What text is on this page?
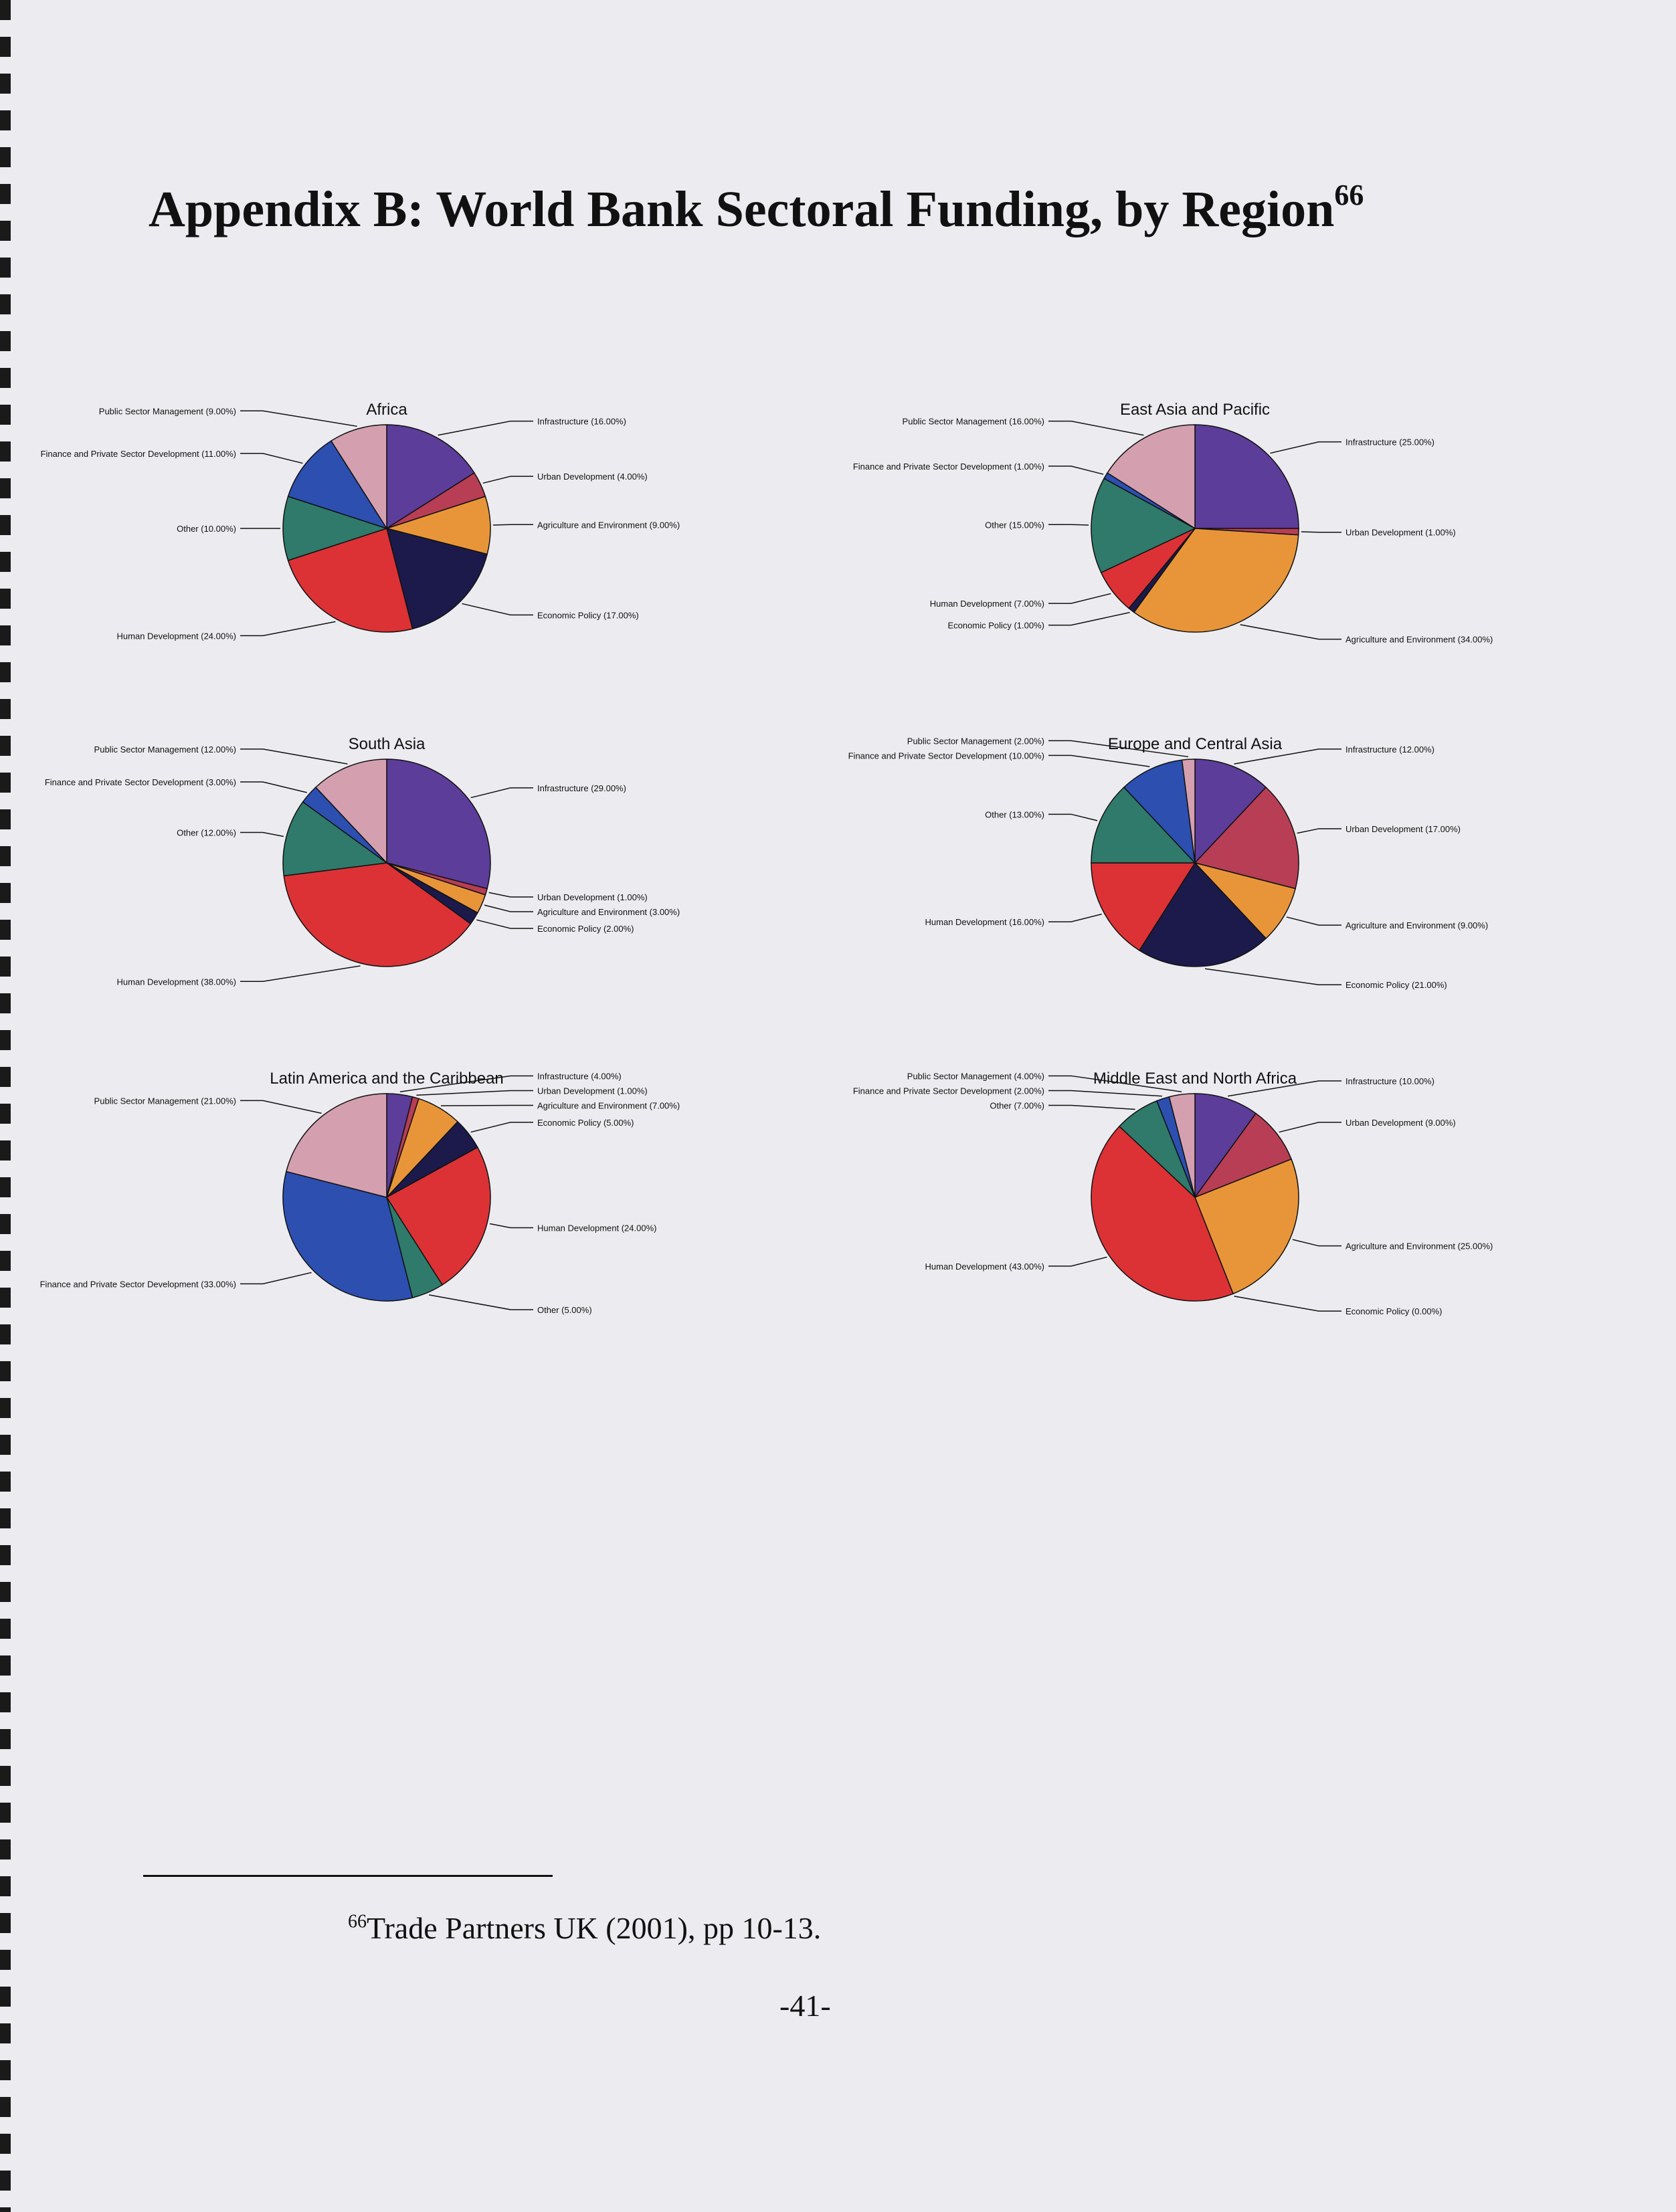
Appendix B: World Bank Sectoral Funding, by Region$^{66}$
Africa
Infrastructure (16.00%)
Urban Development (4.00%)
Agriculture and Environment (9.00%)
Economic Policy (17.00%)
Public Sector Management (9.00%)
Finance and Private Sector Development (11.00%)
Other (10.00%)
Human Development (24.00%)
East Asia and Pacific
Infrastructure (25.00%)
Urban Development (1.00%)
Agriculture and Environment (34.00%)
Public Sector Management (16.00%)
Finance and Private Sector Development (1.00%)
Other (15.00%)
Human Development (7.00%)
Economic Policy (1.00%)
South Asia
Infrastructure (29.00%)
Urban Development (1.00%)
Agriculture and Environment (3.00%)
Economic Policy (2.00%)
Public Sector Management (12.00%)
Finance and Private Sector Development (3.00%)
Other (12.00%)
Human Development (38.00%)
Europe and Central Asia	Infrastructure (12.00%)
Urban Development (17.00%)
Agriculture and Environment (9.00%)
Economic Policy (21.00%)
Public Sector Management (2.00%)
Finance and Private Sector Development (10.00%)
Other (13.00%)
Human Development (16.00%)
Latin America and the Caribbean	Infrastructure (4.00%)
Urban Development (1.00%)
Agriculture and Environment (7.00%)
Economic Policy (5.00%)
Human Development (24.00%)
Other (5.00%)
Public Sector Management (21.00%)
Finance and Private Sector Development (33.00%)
Middle East and North Africa	Infrastructure (10.00%)
Urban Development (9.00%)
Agriculture and Environment (25.00%)
Economic Policy (0.00%)
Public Sector Management (4.00%)
Finance and Private Sector Development (2.00%)
Other (7.00%)
Human Development (43.00%)
$^{66}$Trade Partners UK (2001), pp 10-13.
-41-
